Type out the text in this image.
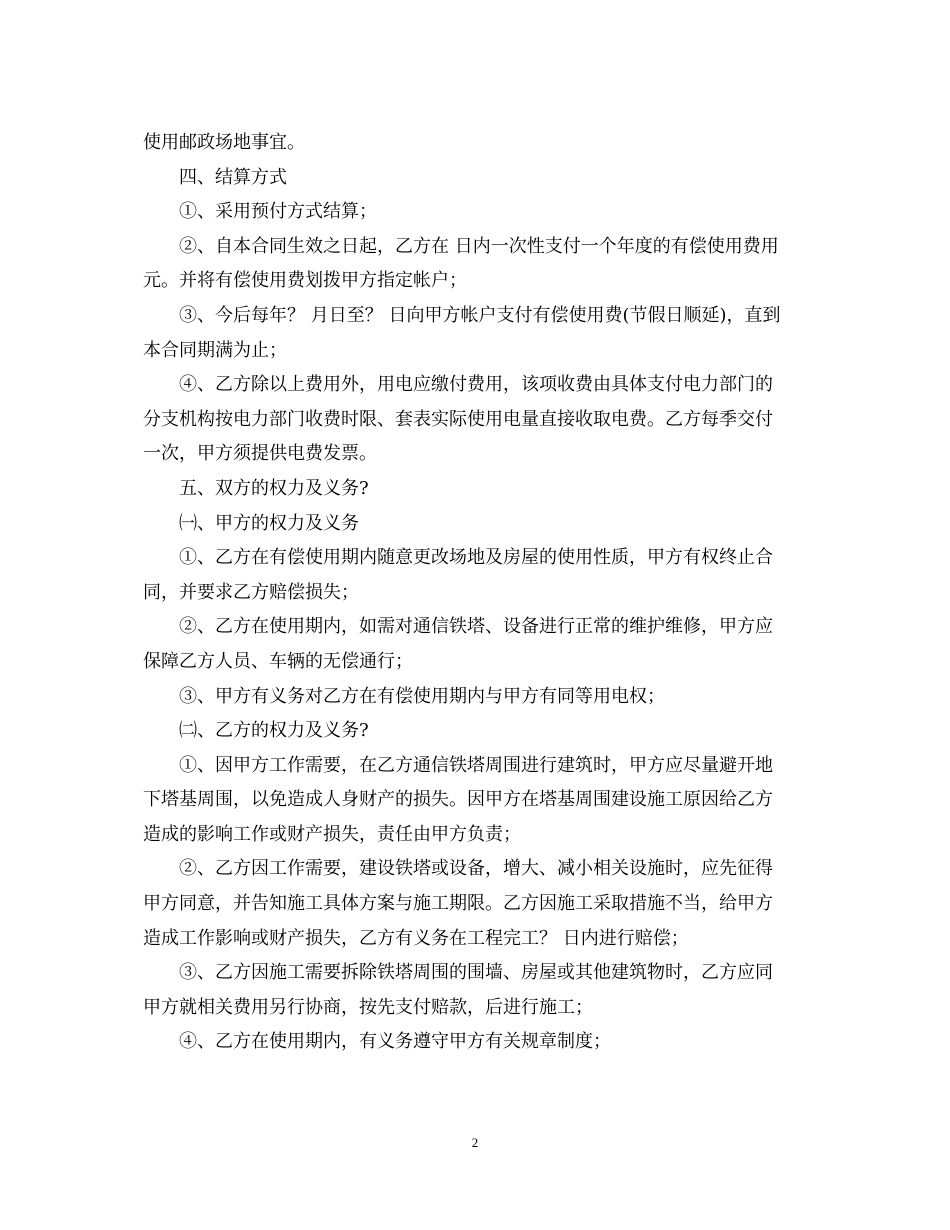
使用邮政场地事宜。
四、结算方式
①、采用预付方式结算；
②、自本合同生效之日起，乙方在 日内一次性支付一个年度的有偿使用费用
元。并将有偿使用费划拨甲方指定帐户；
③、今后每年？ 月日至？ 日向甲方帐户支付有偿使用费(节假日顺延)，直到
本合同期满为止；
④、乙方除以上费用外，用电应缴付费用，该项收费由具体支付电力部门的
分支机构按电力部门收费时限、套表实际使用电量直接收取电费。乙方每季交付
一次，甲方须提供电费发票。
五、双方的权力及义务?
㈠、甲方的权力及义务
①、乙方在有偿使用期内随意更改场地及房屋的使用性质，甲方有权终止合
同，并要求乙方赔偿损失；
②、乙方在使用期内，如需对通信铁塔、设备进行正常的维护维修，甲方应
保障乙方人员、车辆的无偿通行；
③、甲方有义务对乙方在有偿使用期内与甲方有同等用电权；
㈡、乙方的权力及义务?
①、因甲方工作需要，在乙方通信铁塔周围进行建筑时，甲方应尽量避开地
下塔基周围，以免造成人身财产的损失。因甲方在塔基周围建设施工原因给乙方
造成的影响工作或财产损失，责任由甲方负责；
②、乙方因工作需要，建设铁塔或设备，增大、减小相关设施时，应先征得
甲方同意，并告知施工具体方案与施工期限。乙方因施工采取措施不当，给甲方
造成工作影响或财产损失，乙方有义务在工程完工？ 日内进行赔偿；
③、乙方因施工需要拆除铁塔周围的围墙、房屋或其他建筑物时，乙方应同
甲方就相关费用另行协商，按先支付赔款，后进行施工；
④、乙方在使用期内，有义务遵守甲方有关规章制度；
2
